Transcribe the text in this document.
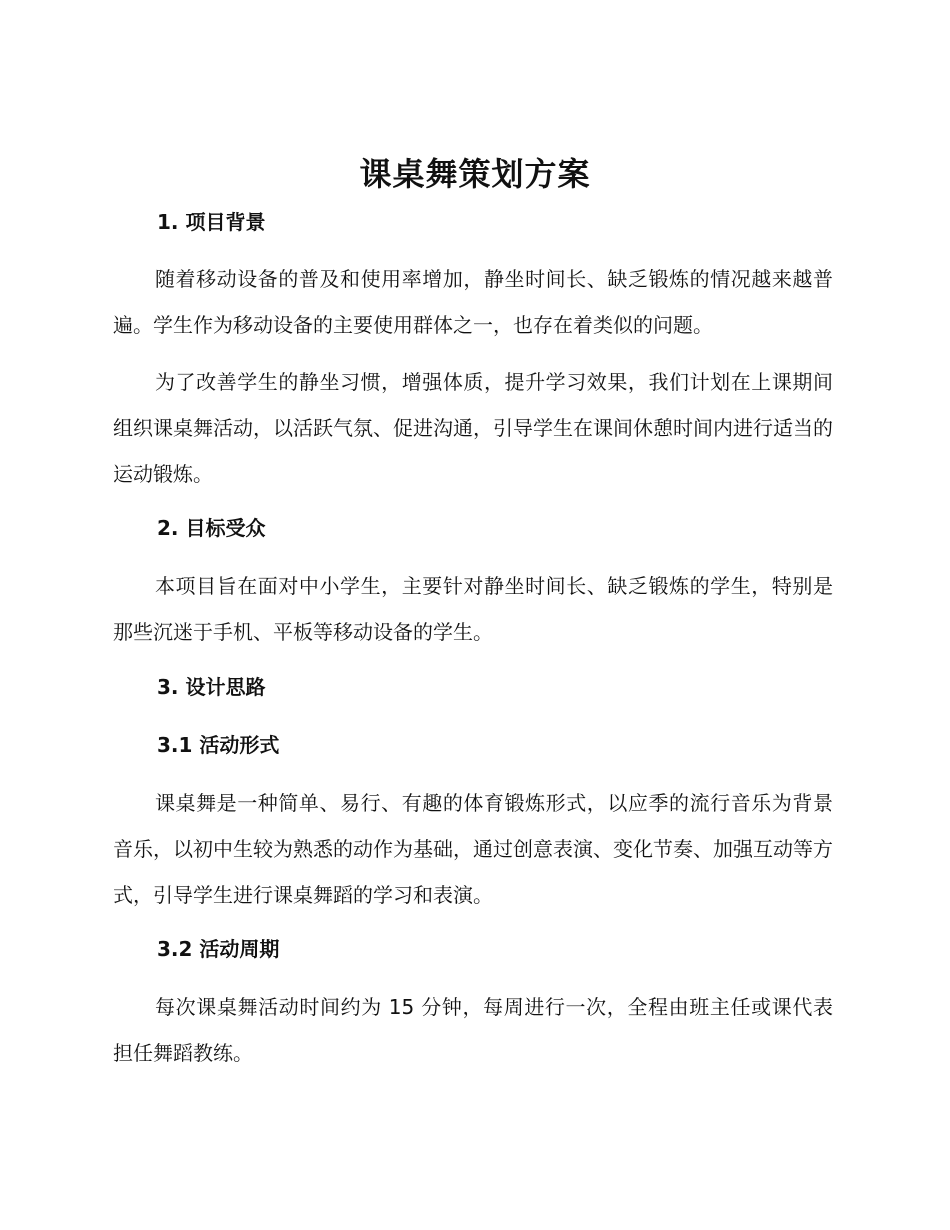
课桌舞策划方案
1. 项目背景
随着移动设备的普及和使用率增加，静坐时间长、缺乏锻炼的情况越来越普遍。学生作为移动设备的主要使用群体之一，也存在着类似的问题。
为了改善学生的静坐习惯，增强体质，提升学习效果，我们计划在上课期间组织课桌舞活动，以活跃气氛、促进沟通，引导学生在课间休憩时间内进行适当的运动锻炼。
2. 目标受众
本项目旨在面对中小学生，主要针对静坐时间长、缺乏锻炼的学生，特别是那些沉迷于手机、平板等移动设备的学生。
3. 设计思路
3.1 活动形式
课桌舞是一种简单、易行、有趣的体育锻炼形式，以应季的流行音乐为背景音乐，以初中生较为熟悉的动作为基础，通过创意表演、变化节奏、加强互动等方式，引导学生进行课桌舞蹈的学习和表演。
3.2 活动周期
每次课桌舞活动时间约为 15 分钟，每周进行一次，全程由班主任或课代表担任舞蹈教练。
